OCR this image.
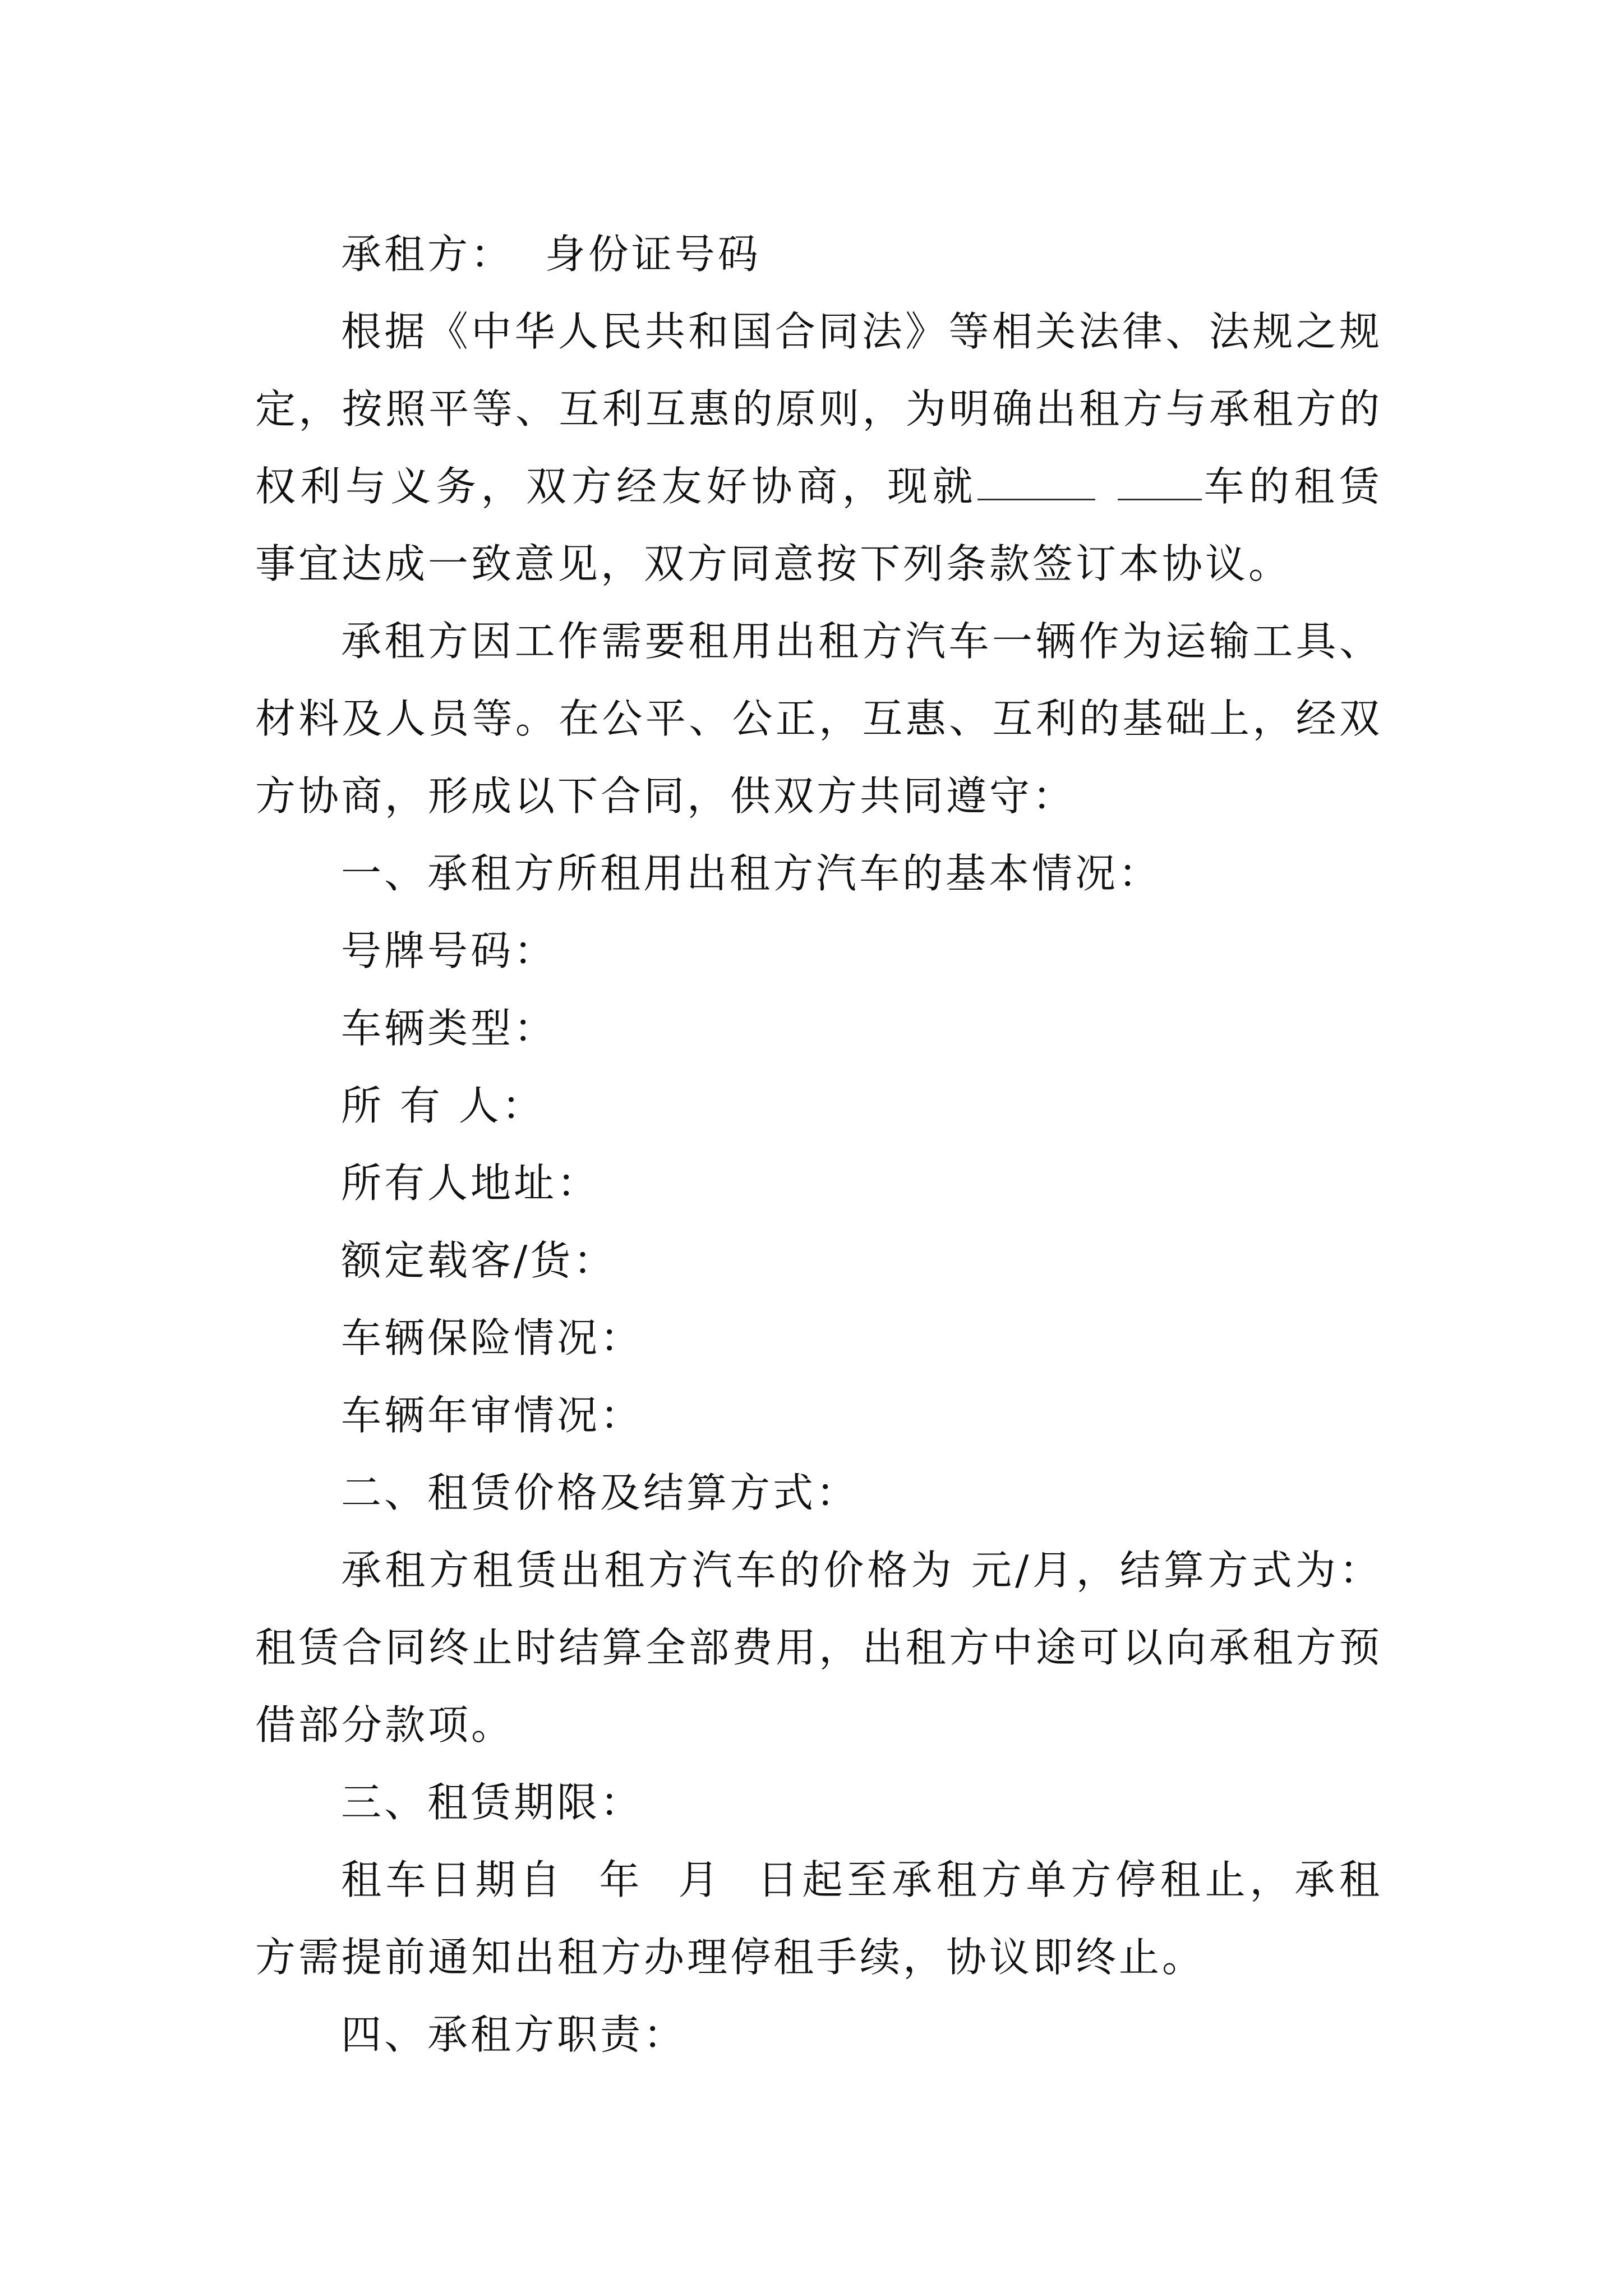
承租方：  身份证号码

根据《中华人民共和国合同法》等相关法律、法规之规定，按照平等、互利互惠的原则，为明确出租方与承租方的权利与义务，双方经友好协商，现就	车的租赁事宜达成一致意见，双方同意按下列条款签订本协议。

承租方因工作需要租用出租方汽车一辆作为运输工具、材料及人员等。在公平、公正，互惠、互利的基础上，经双方协商，形成以下合同，供双方共同遵守：

一、承租方所租用出租方汽车的基本情况：

号牌号码：

车辆类型：

所 有 人：

所有人地址：

额定载客/货：

车辆保险情况：

车辆年审情况：

二、租赁价格及结算方式：

承租方租赁出租方汽车的价格为 元/月，结算方式为：租赁合同终止时结算全部费用，出租方中途可以向承租方预借部分款项。

三、租赁期限：

租车日期自  年  月  日起至承租方单方停租止，承租方需提前通知出租方办理停租手续，协议即终止。

四、承租方职责：
